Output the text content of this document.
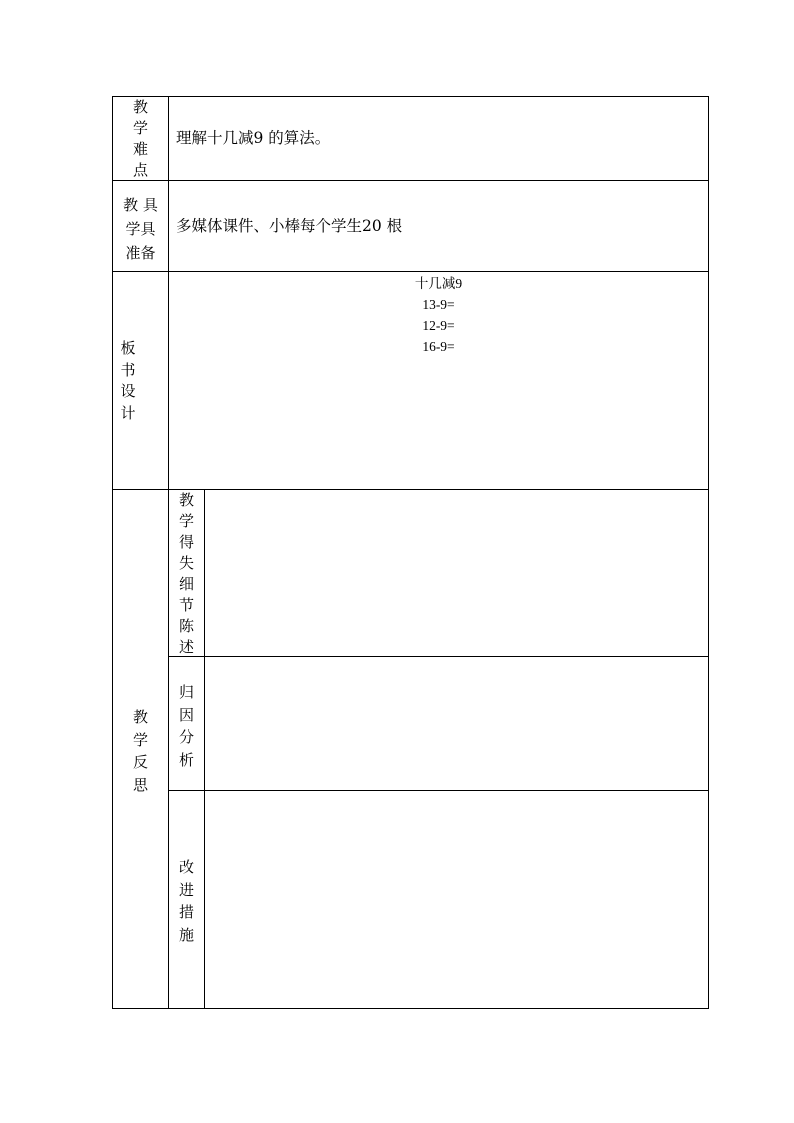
教
学
难
点
理解十几减9 的算法。
教 具
学具
准备
多媒体课件、小棒每个学生20 根
板
书
设
计
十几减9
13-9=
12-9=
16-9=
教
学
反
思
教
学
得
失
细
节
陈
述
归
因
分
析
改
进
措
施
